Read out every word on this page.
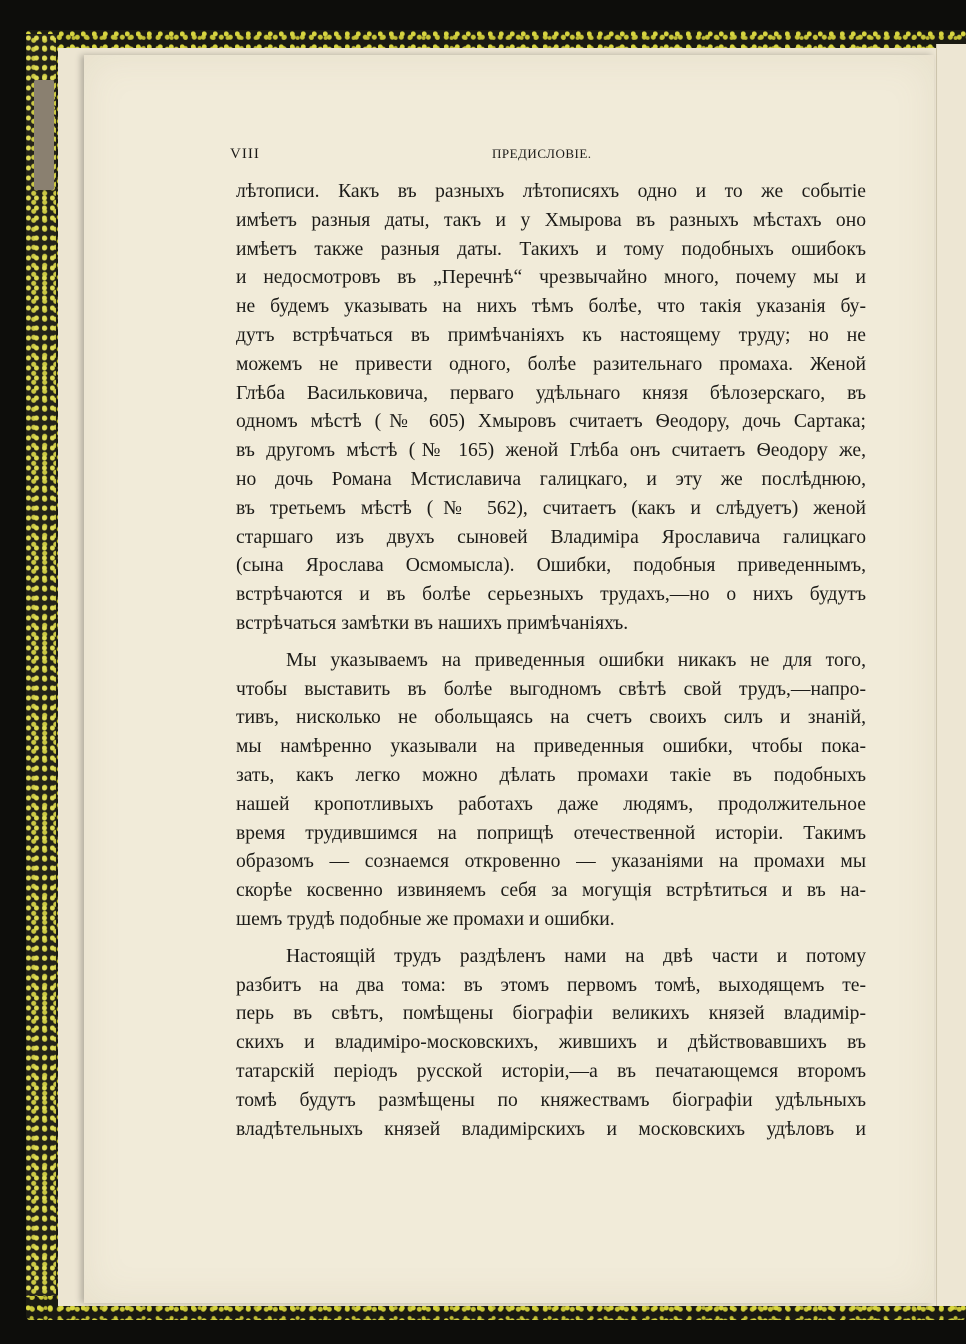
VIII	ПРЕДИСЛОВІЕ.
лѣтописи. Какъ въ разныхъ лѣтописяхъ одно и то же событіе
имѣетъ разныя даты, такъ и у Хмырова въ разныхъ мѣстахъ оно
имѣетъ также разныя даты. Такихъ и тому подобныхъ ошибокъ
и недосмотровъ въ „Перечнѣ“ чрезвычайно много, почему мы и
не будемъ указывать на нихъ тѣмъ болѣе, что такія указанія бу-
дутъ встрѣчаться въ примѣчаніяхъ къ настоящему труду; но не
можемъ не привести одного, болѣе разительнаго промаха. Женой
Глѣба Васильковича, перваго удѣльнаго князя бѣлозерскаго, въ
одномъ мѣстѣ (№ 605) Хмыровъ считаетъ Ѳеодору, дочь Сартака;
въ другомъ мѣстѣ (№ 165) женой Глѣба онъ считаетъ Ѳеодору же,
но дочь Романа Мстиславича галицкаго, и эту же послѣднюю,
въ третьемъ мѣстѣ (№ 562), считаетъ (какъ и слѣдуетъ) женой
старшаго изъ двухъ сыновей Владиміра Ярославича галицкаго
(сына Ярослава Осмомысла). Ошибки, подобныя приведеннымъ,
встрѣчаются и въ болѣе серьезныхъ трудахъ,—но о нихъ будутъ
встрѣчаться замѣтки въ нашихъ примѣчаніяхъ.
Мы указываемъ на приведенныя ошибки никакъ не для того,
чтобы выставить въ болѣе выгодномъ свѣтѣ свой трудъ,—напро-
тивъ, нисколько не обольщаясь на счетъ своихъ силъ и знаній,
мы намѣренно указывали на приведенныя ошибки, чтобы пока-
зать, какъ легко можно дѣлать промахи такіе въ подобныхъ
нашей кропотливыхъ работахъ даже людямъ, продолжительное
время трудившимся на поприщѣ отечественной исторіи. Такимъ
образомъ — сознаемся откровенно — указаніями на промахи мы
скорѣе косвенно извиняемъ себя за могущія встрѣтиться и въ на-
шемъ трудѣ подобные же промахи и ошибки.
Настоящій трудъ раздѣленъ нами на двѣ части и потому
разбитъ на два тома: въ этомъ первомъ томѣ, выходящемъ те-
перь въ свѣтъ, помѣщены біографіи великихъ князей владимір-
скихъ и владиміро-московскихъ, жившихъ и дѣйствовавшихъ въ
татарскій періодъ русской исторіи,—а въ печатающемся второмъ
томѣ будутъ размѣщены по княжествамъ біографіи удѣльныхъ
владѣтельныхъ князей владимірскихъ и московскихъ удѣловъ и
